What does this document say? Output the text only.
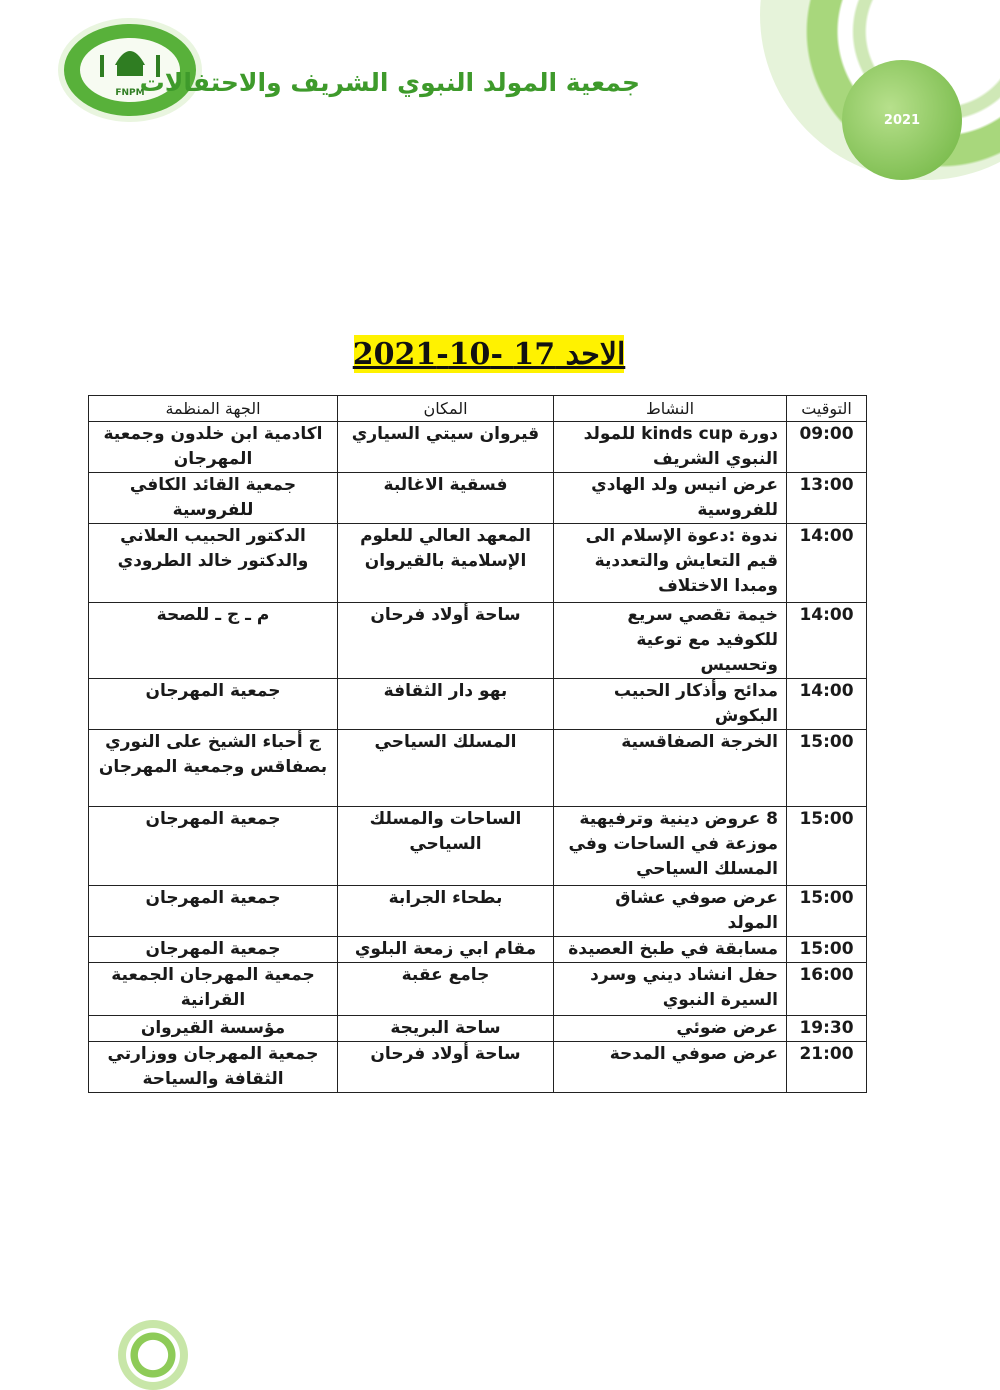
2021
FNPM
جمعية المولد النبوي الشريف والاحتفالات
الاحد 17 -10-2021
التوقيت	النشاط	المكان	الجهة المنظمة
09:00	دورة kinds cup للمولد النبوي الشريف	قيروان سيتي السياري	اكادمية ابن خلدون وجمعية المهرجان
13:00	عرض انيس ولد الهادي للفروسية	فسقية الاغالبة	جمعية القائد الكافي للفروسية
14:00	ندوة :دعوة الإسلام الى قيم التعايش والتعددية ومبدا الاختلاف	المعهد العالي للعلوم الإسلامية بالقيروان	الدكتور الحبيب العلاني والدكتور خالد الطرودي
14:00	خيمة تقصي سريع للكوفيد مع توعية وتحسيس	ساحة أولاد فرحان	م ـ ج ـ للصحة
14:00	مدائح وأذكار الحبيب البكوش	بهو دار الثقافة	جمعية المهرجان
15:00	الخرجة الصفاقسية	المسلك السياحي	ج أحباء الشيخ على النوري بصفاقس وجمعية المهرجان
15:00	8 عروض دينية وترفيهية موزعة في الساحات وفي المسلك السياحي	الساحات والمسلك السياحي	جمعية المهرجان
15:00	عرض صوفي عشاق المولد	بطحاء الجرابة	جمعية المهرجان
15:00	مسابقة في طبخ العصيدة	مقام ابي زمعة البلوي	جمعية المهرجان
16:00	حفل انشاد ديني وسرد السيرة النبوي	جامع عقبة	جمعية المهرجان الجمعية القرانية
19:30	عرض ضوئي	ساحة البريجة	مؤسسة القيروان
21:00	عرض صوفي المدحة	ساحة أولاد فرحان	جمعية المهرجان ووزارتي الثقافة والسياحة
